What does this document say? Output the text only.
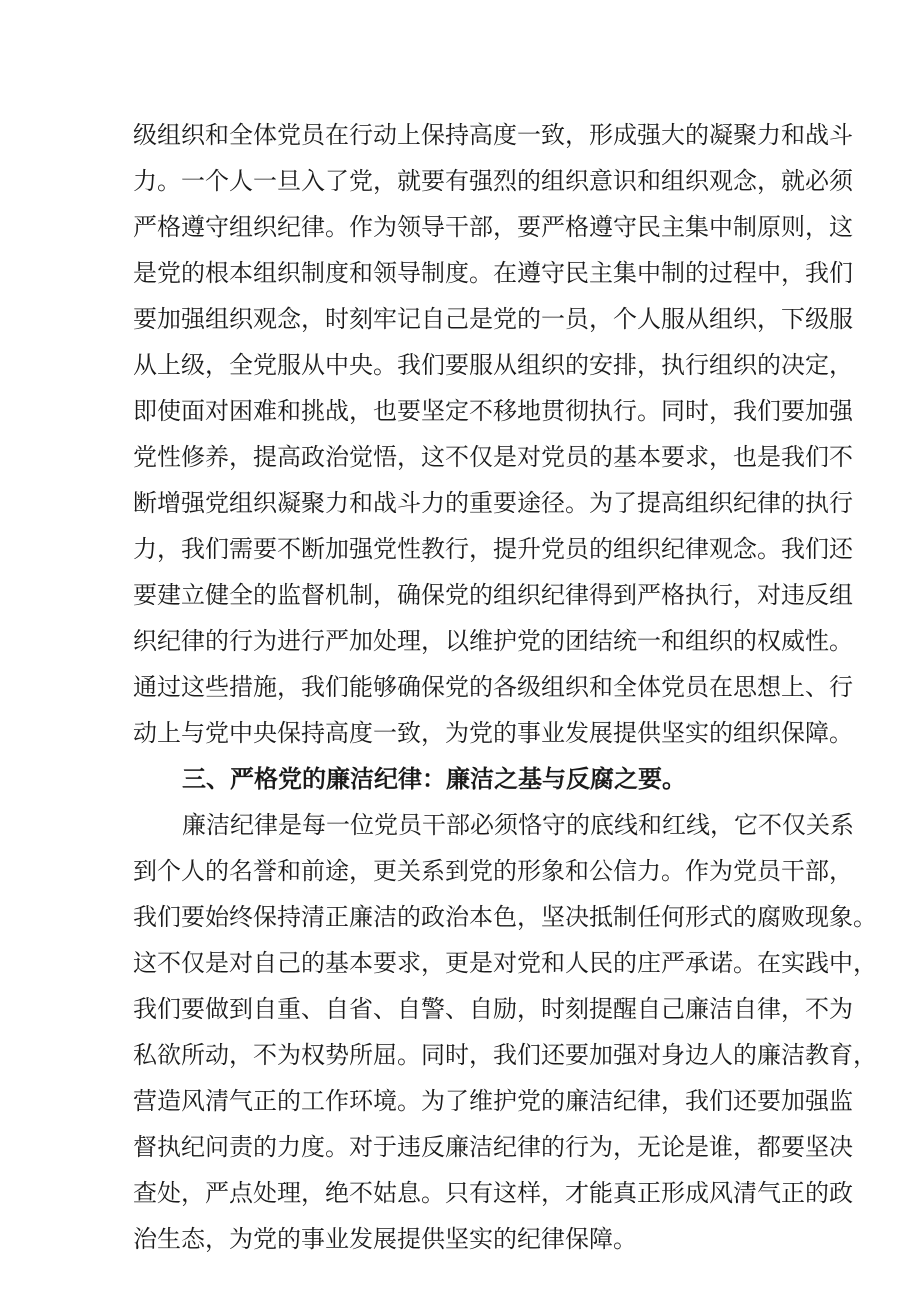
级组织和全体党员在行动上保持高度一致，形成强大的凝聚力和战斗
力。一个人一旦入了党，就要有强烈的组织意识和组织观念，就必须
严格遵守组织纪律。作为领导干部，要严格遵守民主集中制原则，这
是党的根本组织制度和领导制度。在遵守民主集中制的过程中，我们
要加强组织观念，时刻牢记自己是党的一员，个人服从组织，下级服
从上级，全党服从中央。我们要服从组织的安排，执行组织的决定，
即使面对困难和挑战，也要坚定不移地贯彻执行。同时，我们要加强
党性修养，提高政治觉悟，这不仅是对党员的基本要求，也是我们不
断增强党组织凝聚力和战斗力的重要途径。为了提高组织纪律的执行
力，我们需要不断加强党性教行，提升党员的组织纪律观念。我们还
要建立健全的监督机制，确保党的组织纪律得到严格执行，对违反组
织纪律的行为进行严加处理，以维护党的团结统一和组织的权威性。
通过这些措施，我们能够确保党的各级组织和全体党员在思想上、行
动上与党中央保持高度一致，为党的事业发展提供坚实的组织保障。
三、严格党的廉洁纪律：廉洁之基与反腐之要。
廉洁纪律是每一位党员干部必须恪守的底线和红线，它不仅关系
到个人的名誉和前途，更关系到党的形象和公信力。作为党员干部，
我们要始终保持清正廉洁的政治本色，坚决抵制任何形式的腐败现象。
这不仅是对自己的基本要求，更是对党和人民的庄严承诺。在实践中，
我们要做到自重、自省、自警、自励，时刻提醒自己廉洁自律，不为
私欲所动，不为权势所屈。同时，我们还要加强对身边人的廉洁教育，
营造风清气正的工作环境。为了维护党的廉洁纪律，我们还要加强监
督执纪问责的力度。对于违反廉洁纪律的行为，无论是谁，都要坚决
查处，严点处理，绝不姑息。只有这样，才能真正形成风清气正的政
治生态，为党的事业发展提供坚实的纪律保障。
